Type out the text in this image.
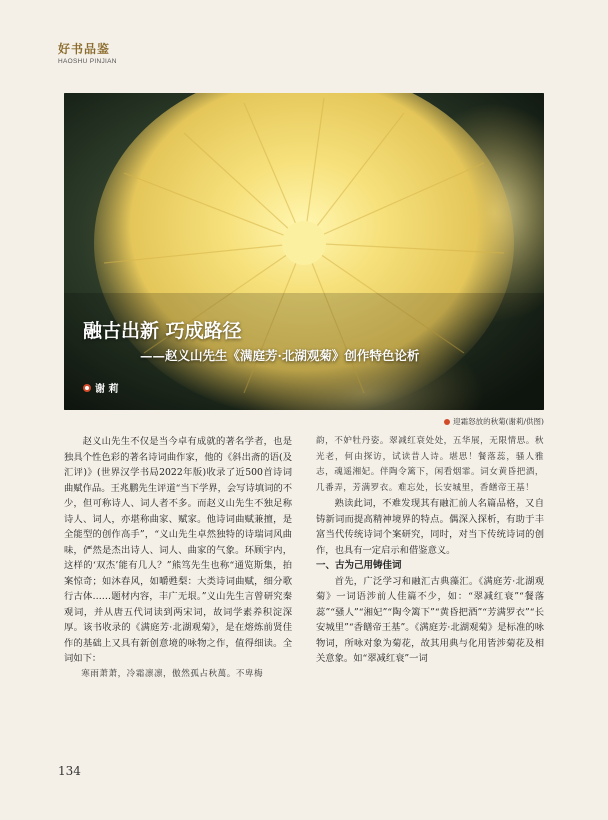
好书品鉴
HAOSHU PINJIAN
融古出新 巧成路径
——赵义山先生《满庭芳·北湖观菊》创作特色论析
谢 莉
迎霜怒放的秋菊(谢莉/供图)

赵义山先生不仅是当今卓有成就的著名学者，也是独具个性色彩的著名诗词曲作家，他的《斜出斋的语(及汇评)》(世界汉学书局2022年版)收录了近500首诗词曲赋作品。王兆鹏先生评道“当下学界，会写诗填词的不少，但可称诗人、词人者不多。而赵义山先生不独足称诗人、词人，亦堪称曲家、赋家。他诗词曲赋兼擅，是全能型的创作高手”，“义山先生卓然独特的诗瑞词风曲味，俨然是杰出诗人、词人、曲家的气象。环顾宇内，这样的‘双杰’能有几人？”熊笃先生也称“通览斯集，拍案惊奇；如沐春风，如嚼甦梨：大类诗词曲赋，细分歌行古体……题材内容，丰广无垠。”义山先生言曾研究秦观词，并从唐五代词读到两宋词，故词学素养积淀深厚。该书收录的《满庭芳·北湖观菊》，是在熔炼前贤佳作的基础上又具有新创意境的咏物之作，值得细读。全词如下：

寒雨萧萧，冷霜凛凛，傲然孤占秋萬。不卑梅

韵，不妒牡丹姿。翠减红衰处处，五华展，无限情思。秋光老，何由探访，试读昔人诗。堪思！餐落蕊，骚人雅志，魂遥湘妃。伴陶令篱下，闲看烟霏。词女黄昏把酒，几番弄，芳满罗衣。难忘处，长安城里，香饍帝王基！

熟读此词，不难发现其有融汇前人名篇品格，又自铸新词而提高精神境界的特点。偶深入探析，有助于丰富当代传统诗词个案研究，同时，对当下传统诗词的创作，也具有一定启示和借鉴意义。

一、古为己用铸佳词

首先，广泛学习和融汇古典藻汇。《满庭芳·北湖观菊》一词语涉前人佳篇不少，如：“翠减红衰”“餐落蕊”“骚人”“湘妃”“陶令篱下”“黄昏把酒”“芳满罗衣”“长安城里”“香饍帝王基”。《满庭芳·北湖观菊》是标准的咏物词，所咏对象为菊花，故其用典与化用皆涉菊花及相关意象。如“翠减红衰”一词

134
